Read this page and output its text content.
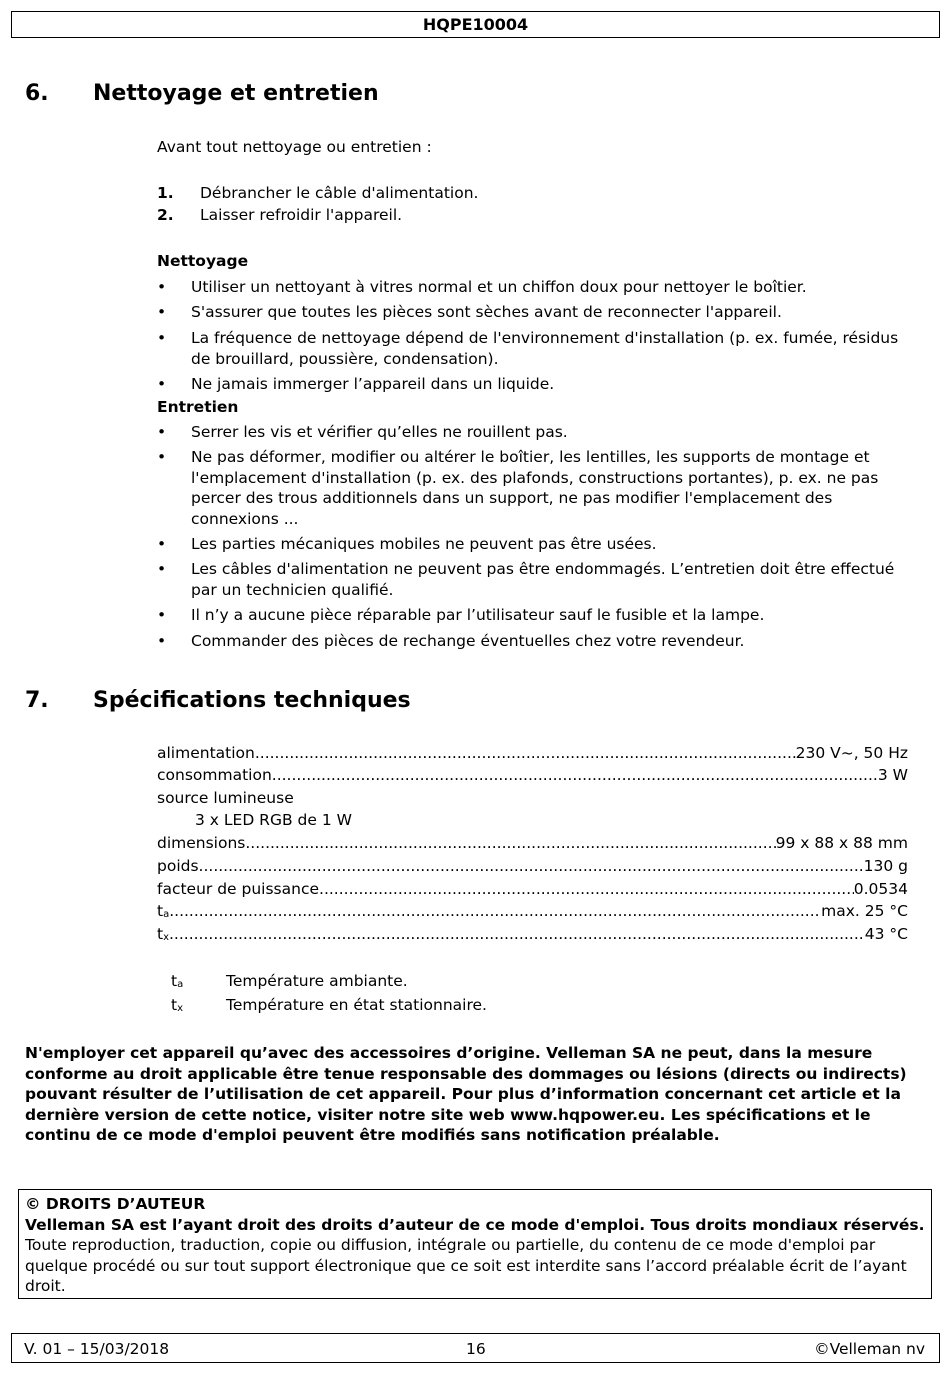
HQPE10004
6. Nettoyage et entretien
Avant tout nettoyage ou entretien :
1. Débrancher le câble d'alimentation.
2. Laisser refroidir l'appareil.
Nettoyage
•	Utiliser un nettoyant à vitres normal et un chiffon doux pour nettoyer le boîtier.
•	S'assurer que toutes les pièces sont sèches avant de reconnecter l'appareil.
•	La fréquence de nettoyage dépend de l'environnement d'installation (p. ex. fumée, résidus de brouillard, poussière, condensation).
•	Ne jamais immerger l’appareil dans un liquide.
Entretien
•	Serrer les vis et vérifier qu’elles ne rouillent pas.
•	Ne pas déformer, modifier ou altérer le boîtier, les lentilles, les supports de montage et l'emplacement d'installation (p. ex. des plafonds, constructions portantes), p. ex. ne pas percer des trous additionnels dans un support, ne pas modifier l'emplacement des connexions ...
•	Les parties mécaniques mobiles ne peuvent pas être usées.
•	Les câbles d'alimentation ne peuvent pas être endommagés. L’entretien doit être effectué par un technicien qualifié.
•	Il n’y a aucune pièce réparable par l’utilisateur sauf le fusible et la lampe.
•	Commander des pièces de rechange éventuelles chez votre revendeur.
7. Spécifications techniques
alimentation .....	230 V~, 50 Hz
consommation .....	3 W
source lumineuse
3 x LED RGB de 1 W
dimensions .....	99 x 88 x 88 mm
poids .....	130 g
facteur de puissance .....	0.0534
ta .....	max. 25 °C
tx .....	43 °C
ta	Température ambiante.
tx	Température en état stationnaire.
N'employer cet appareil qu’avec des accessoires d’origine. Velleman SA ne peut, dans la mesure conforme au droit applicable être tenue responsable des dommages ou lésions (directs ou indirects) pouvant résulter de l’utilisation de cet appareil. Pour plus d’information concernant cet article et la dernière version de cette notice, visiter notre site web www.hqpower.eu. Les spécifications et le continu de ce mode d'emploi peuvent être modifiés sans notification préalable.
© DROITS D’AUTEUR
Velleman SA est l’ayant droit des droits d’auteur de ce mode d'emploi. Tous droits mondiaux réservés. Toute reproduction, traduction, copie ou diffusion, intégrale ou partielle, du contenu de ce mode d'emploi par quelque procédé ou sur tout support électronique que ce soit est interdite sans l’accord préalable écrit de l’ayant droit.
V. 01 – 15/03/2018	16	©Velleman nv
